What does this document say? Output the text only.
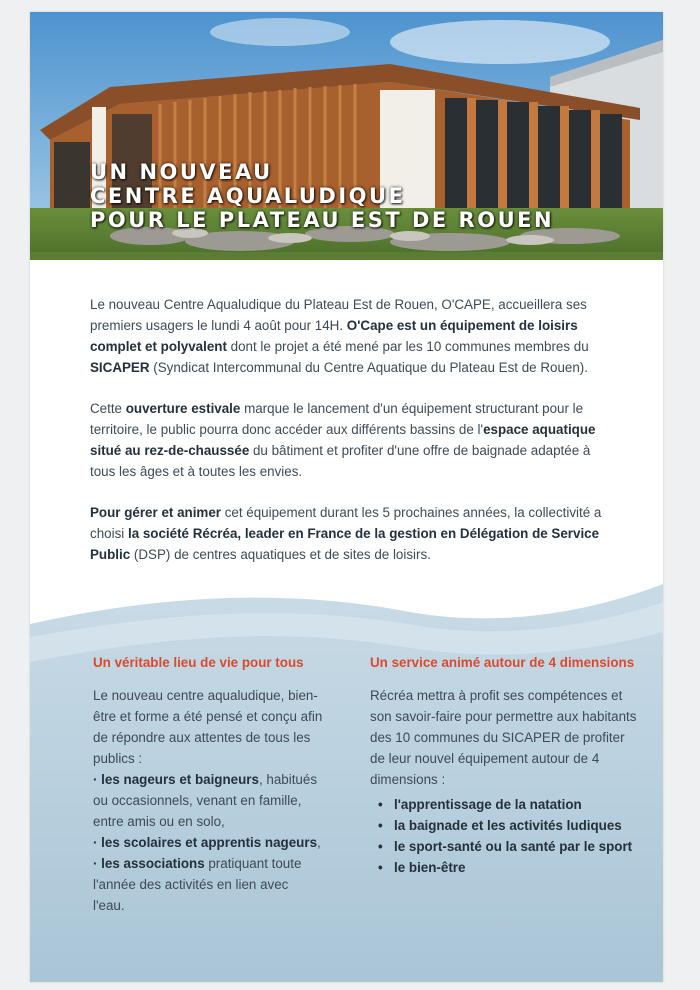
UN NOUVEAU
CENTRE AQUALUDIQUE
POUR LE PLATEAU EST DE ROUEN

Le nouveau Centre Aqualudique du Plateau Est de Rouen, O'CAPE, accueillera ses premiers usagers le lundi 4 août pour 14H. O'Cape est un équipement de loisirs complet et polyvalent dont le projet a été mené par les 10 communes membres du SICAPER (Syndicat Intercommunal du Centre Aquatique du Plateau Est de Rouen).

Cette ouverture estivale marque le lancement d'un équipement structurant pour le territoire, le public pourra donc accéder aux différents bassins de l'espace aquatique situé au rez-de-chaussée du bâtiment et profiter d'une offre de baignade adaptée à tous les âges et à toutes les envies.

Pour gérer et animer cet équipement durant les 5 prochaines années, la collectivité a choisi la société Récréa, leader en France de la gestion en Délégation de Service Public (DSP) de centres aquatiques et de sites de loisirs.

Un véritable lieu de vie pour tous

Le nouveau centre aqualudique, bien-être et forme a été pensé et conçu afin de répondre aux attentes de tous les publics :
· les nageurs et baigneurs, habitués ou occasionnels, venant en famille, entre amis ou en solo,
· les scolaires et apprentis nageurs,
· les associations pratiquant toute l'année des activités en lien avec l'eau.

Un service animé autour de 4 dimensions

Récréa mettra à profit ses compétences et son savoir-faire pour permettre aux habitants des 10 communes du SICAPER de profiter de leur nouvel équipement autour de 4 dimensions :

• l'apprentissage de la natation
• la baignade et les activités ludiques
• le sport-santé ou la santé par le sport
• le bien-être
